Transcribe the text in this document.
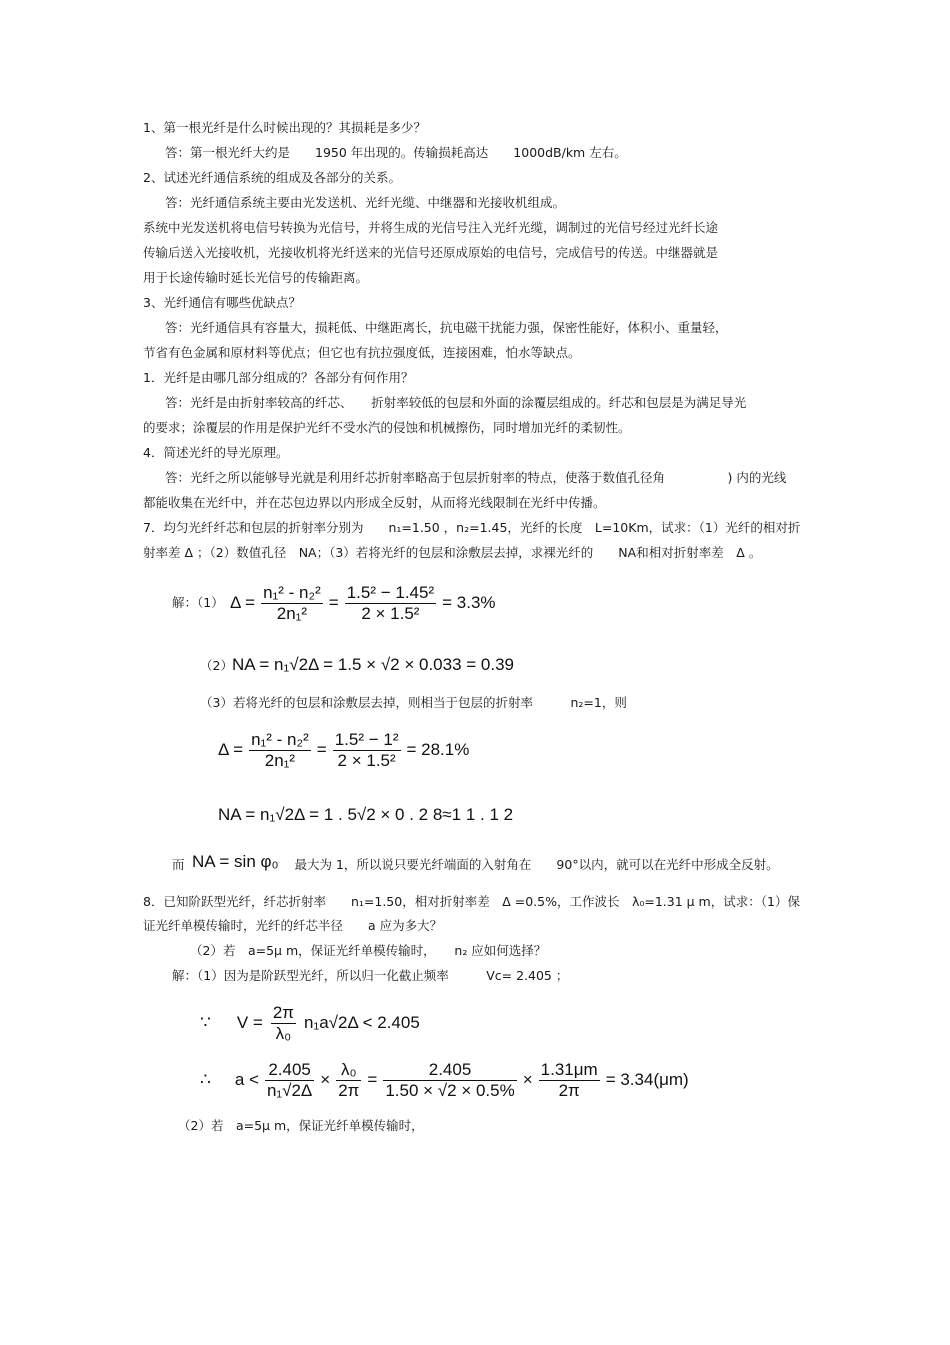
1、第一根光纤是什么时候出现的？其损耗是多少？
答：第一根光纤大约是　　1950 年出现的。传输损耗高达　　1000dB/km 左右。
2、试述光纤通信系统的组成及各部分的关系。
答：光纤通信系统主要由光发送机、光纤光缆、中继器和光接收机组成。
系统中光发送机将电信号转换为光信号，并将生成的光信号注入光纤光缆，调制过的光信号经过光纤长途
传输后送入光接收机，光接收机将光纤送来的光信号还原成原始的电信号，完成信号的传送。中继器就是
用于长途传输时延长光信号的传输距离。
3、光纤通信有哪些优缺点？
答：光纤通信具有容量大，损耗低、中继距离长，抗电磁干扰能力强，保密性能好，体积小、重量轻，
节省有色金属和原材料等优点；但它也有抗拉强度低，连接困难，怕水等缺点。
1．光纤是由哪几部分组成的？各部分有何作用？
答：光纤是由折射率较高的纤芯、　　折射率较低的包层和外面的涂覆层组成的。纤芯和包层是为满足导光
的要求；涂覆层的作用是保护光纤不受水汽的侵蚀和机械擦伤，同时增加光纤的柔韧性。
4．简述光纤的导光原理。
答：光纤之所以能够导光就是利用纤芯折射率略高于包层折射率的特点，使落于数值孔径角　　　　　) 内的光线
都能收集在光纤中，并在芯包边界以内形成全反射，从而将光线限制在光纤中传播。
7．均匀光纤纤芯和包层的折射率分别为　　n₁=1.50 ，n₂=1.45，光纤的长度　L=10Km，试求：（1）光纤的相对折
射率差 Δ ；（2）数值孔径　NA；（3）若将光纤的包层和涂敷层去掉，求裸光纤的　　NA和相对折射率差　Δ 。
解：（1） $\Delta = \frac{\text{n₁² - n₂²}}{\text{2n₁²}} = \frac{\text{1.5² − 1.45²}}{\text{2 × 1.5²}} = 3.3\%$
（2） NA = n₁√2Δ = 1.5 × √2 × 0.033 = 0.39
（3）若将光纤的包层和涂敷层去掉，则相当于包层的折射率　　　n₂=1，则
$\Delta = \frac{\text{n₁² - n₂²}}{\text{2n₁²}} = \frac{\text{1.5² − 1²}}{\text{2 × 1.5²}} = 28.1\%$
NA = n₁√2Δ = 1 . 5√2 × 0 . 2 8≈1 1 . 1 2
而 NA = sin φ₀ 　最大为 1，所以说只要光纤端面的入射角在　　90°以内，就可以在光纤中形成全反射。
8．已知阶跃型光纤，纤芯折射率　　n₁=1.50，相对折射率差　Δ =0.5%，工作波长　λ₀=1.31 μ m，试求：（1）保
证光纤单模传输时，光纤的纤芯半径　　a 应为多大？
（2）若　a=5μ m，保证光纤单模传输时，　　n₂ 应如何选择？
解：（1）因为是阶跃型光纤，所以归一化截止频率　　　Vc= 2.405 ；
∵ $V = \frac{2\pi}{\text{λ₀}} n_1a√2\Delta < 2.405$
∴ $a < \frac{2.405}{\text{n₁√2Δ}} \times \frac{\text{λ₀}}{2\pi} = \frac{2.405}{1.50 \times √2 \times 0.5\%} \times \frac{1.31\mu m}{2\pi} = 3.34(\mu m)$
（2）若　a=5μ m，保证光纤单模传输时，
